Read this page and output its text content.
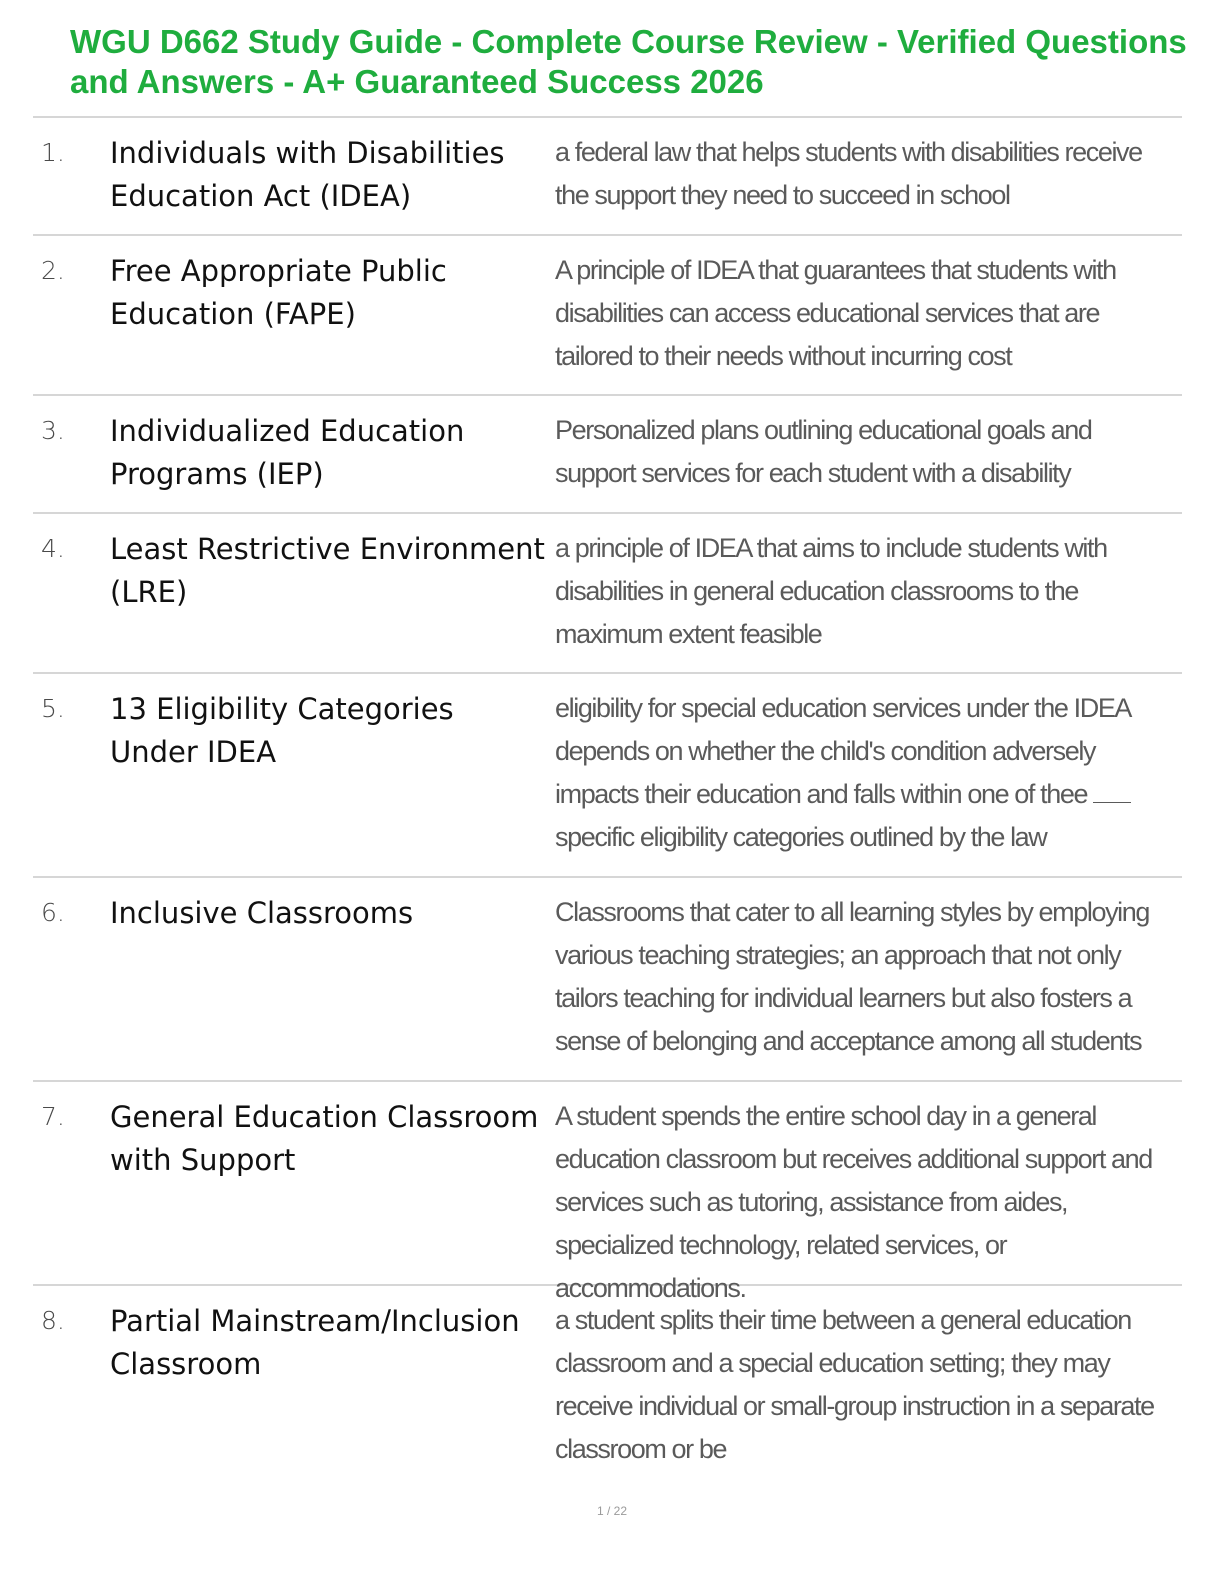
WGU D662 Study Guide - Complete Course Review - Verified Questions and Answers - A+ Guaranteed Success 2026
1. Individuals with Disabilities Education Act (IDEA)
a federal law that helps students with disabilities receive the support they need to succeed in school
2. Free Appropriate Public Education (FAPE)
A principle of IDEA that guarantees that students with disabilities can access educational services that are tailored to their needs without incurring cost
3. Individualized Education Programs (IEP)
Personalized plans outlining educational goals and support services for each student with a disability
4. Least Restrictive Environment (LRE)
a principle of IDEA that aims to include students with disabilities in general education classrooms to the maximum extent feasible
5. 13 Eligibility Categories Under IDEA
eligibility for special education services under the IDEA depends on whether the child's condition adversely impacts their education and falls within one of theespecific eligibility categories outlined by the law
6. Inclusive Classrooms	Classrooms that cater to all learning styles by employing various teaching strategies; an approach that not only tailors teaching for individual learners but also fosters a sense of belonging and acceptance among all students
7. General Education Classroom with Support
A student spends the entire school day in a general education classroom but receives additional support and services such as tutoring, assistance from aides, specialized technology, related services, or accommodations.
8. Partial Mainstream/Inclusion Classroom
a student splits their time between a general education classroom and a special education setting; they may receive individual or small-group instruction in a separate classroom or be
1 / 22
